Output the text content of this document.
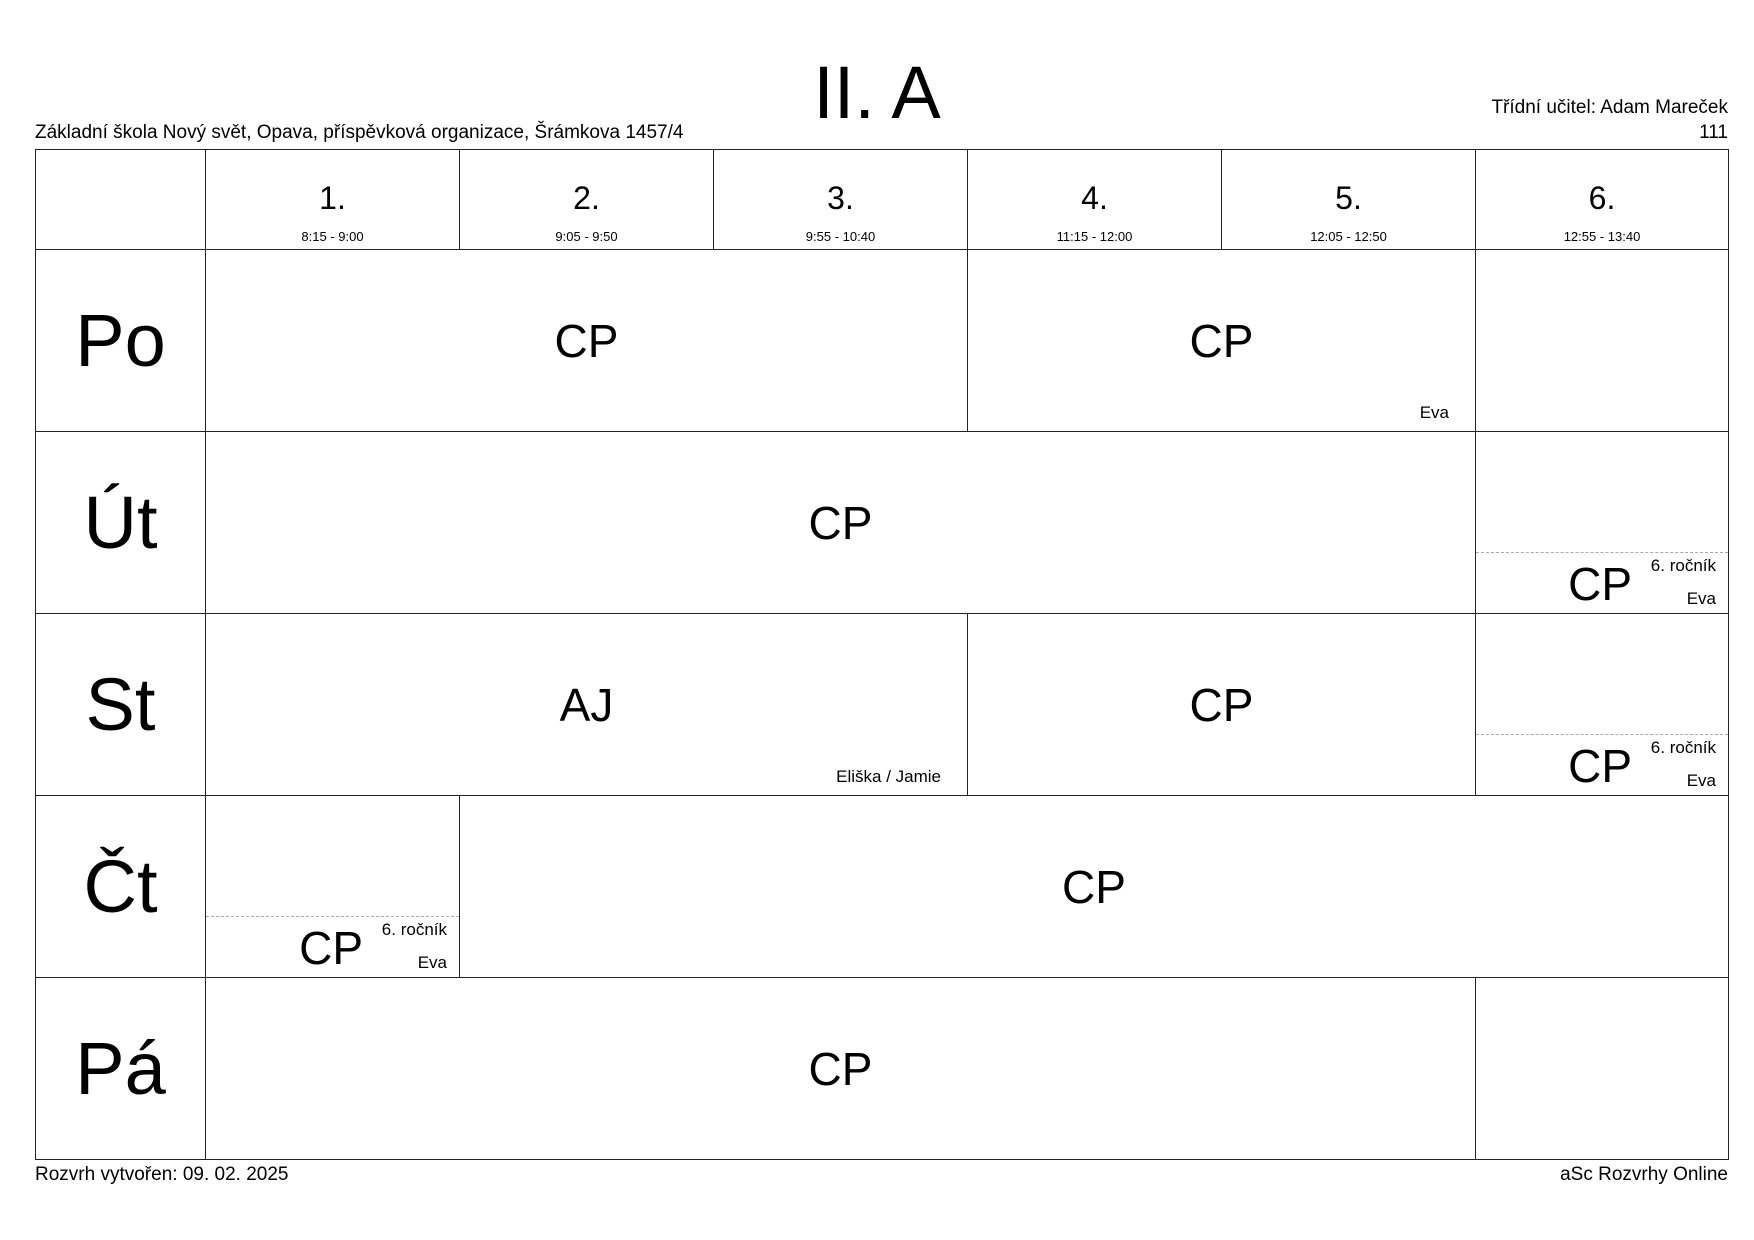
II. A
Základní škola Nový svět, Opava, příspěvková organizace, Šrámkova 1457/4
Třídní učitel: Adam Mareček
111
1.
8:15 - 9:00
2.
9:05 - 9:50
3.
9:55 - 10:40
4.
11:15 - 12:00
5.
12:05 - 12:50
6.
12:55 - 13:40
Po
Út
St
Čt
Pá
CP	CP
Eva
CP
CP 6. ročník
Eva
AJ
Eliška / Jamie
CP
CP 6. ročník
Eva
CP 6. ročník
Eva
CP
CP
Rozvrh vytvořen: 09. 02. 2025	aSc Rozvrhy Online
